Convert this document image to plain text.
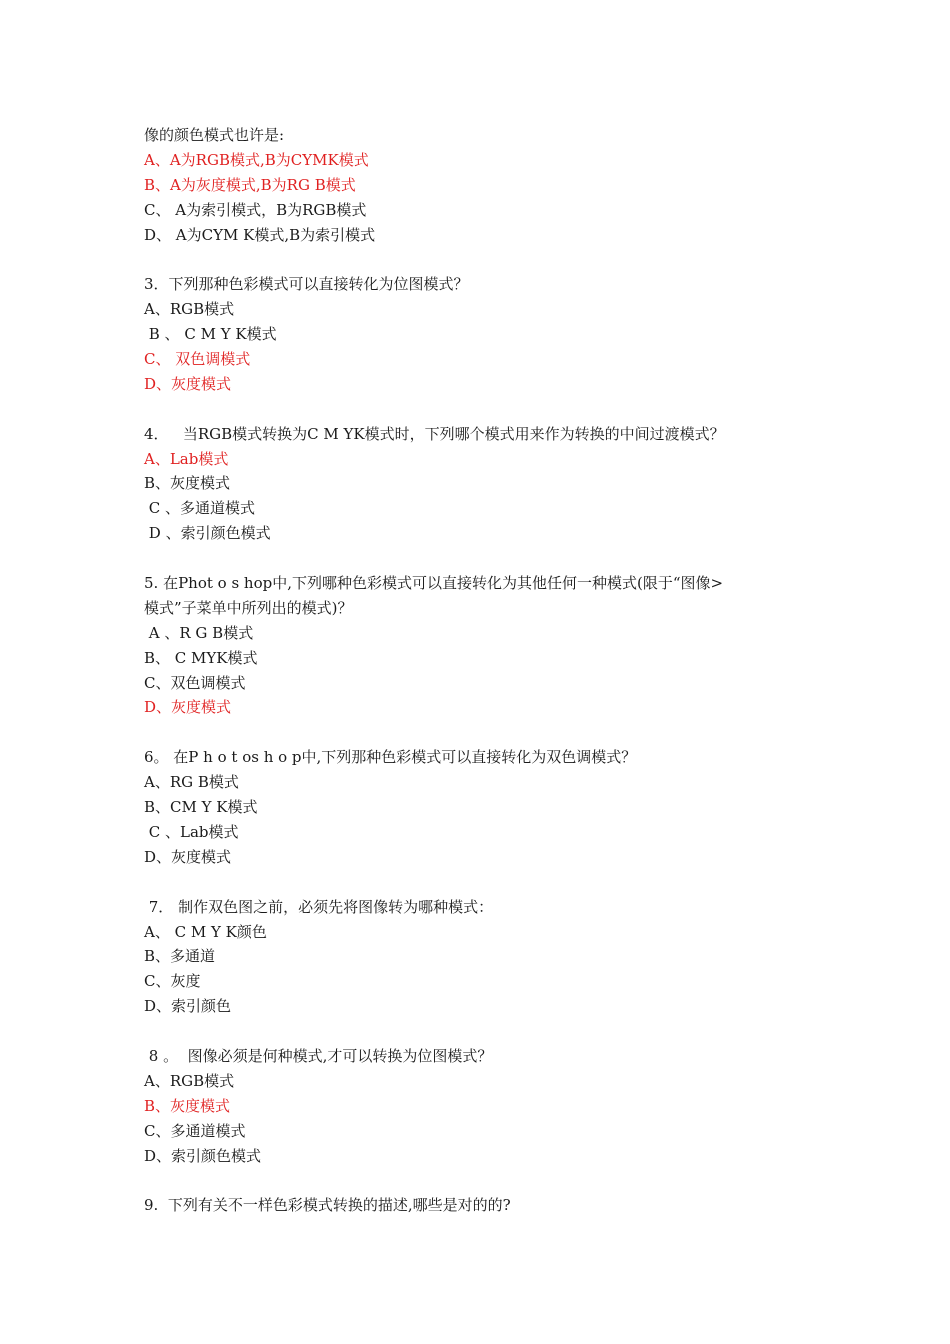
像的颜色模式也许是:
A、A为RGB模式,B为CYMK模式
B、A为灰度模式,B为RG B模式
C、 A为索引模式，B为RGB模式
D、 A为CYM K模式,B为索引模式
3．下列那种色彩模式可以直接转化为位图模式？
A、RGB模式
B 、 C M Y K模式
C、 双色调模式
D、灰度模式
4．   当RGB模式转换为C M YK模式时，下列哪个模式用来作为转换的中间过渡模式？
A、Lab模式
B、灰度模式
C 、多通道模式
D 、索引颜色模式
5. 在Phot o s hop中,下列哪种色彩模式可以直接转化为其他任何一种模式(限于“图像>
模式”子菜单中所列出的模式)？
A 、R G B模式
B、 C MYK模式
C、双色调模式
D、灰度模式
6。 在P h o t os h o p中,下列那种色彩模式可以直接转化为双色调模式？
A、RG B模式
B、CM Y K模式
C 、Lab模式
D、灰度模式
7． 制作双色图之前，必须先将图像转为哪种模式：
A、 C M Y K颜色
B、多通道
C、灰度
D、索引颜色
8 。  图像必须是何种模式,才可以转换为位图模式？
A、RGB模式
B、灰度模式
C、多通道模式
D、索引颜色模式
9.  下列有关不一样色彩模式转换的描述,哪些是对的的?
